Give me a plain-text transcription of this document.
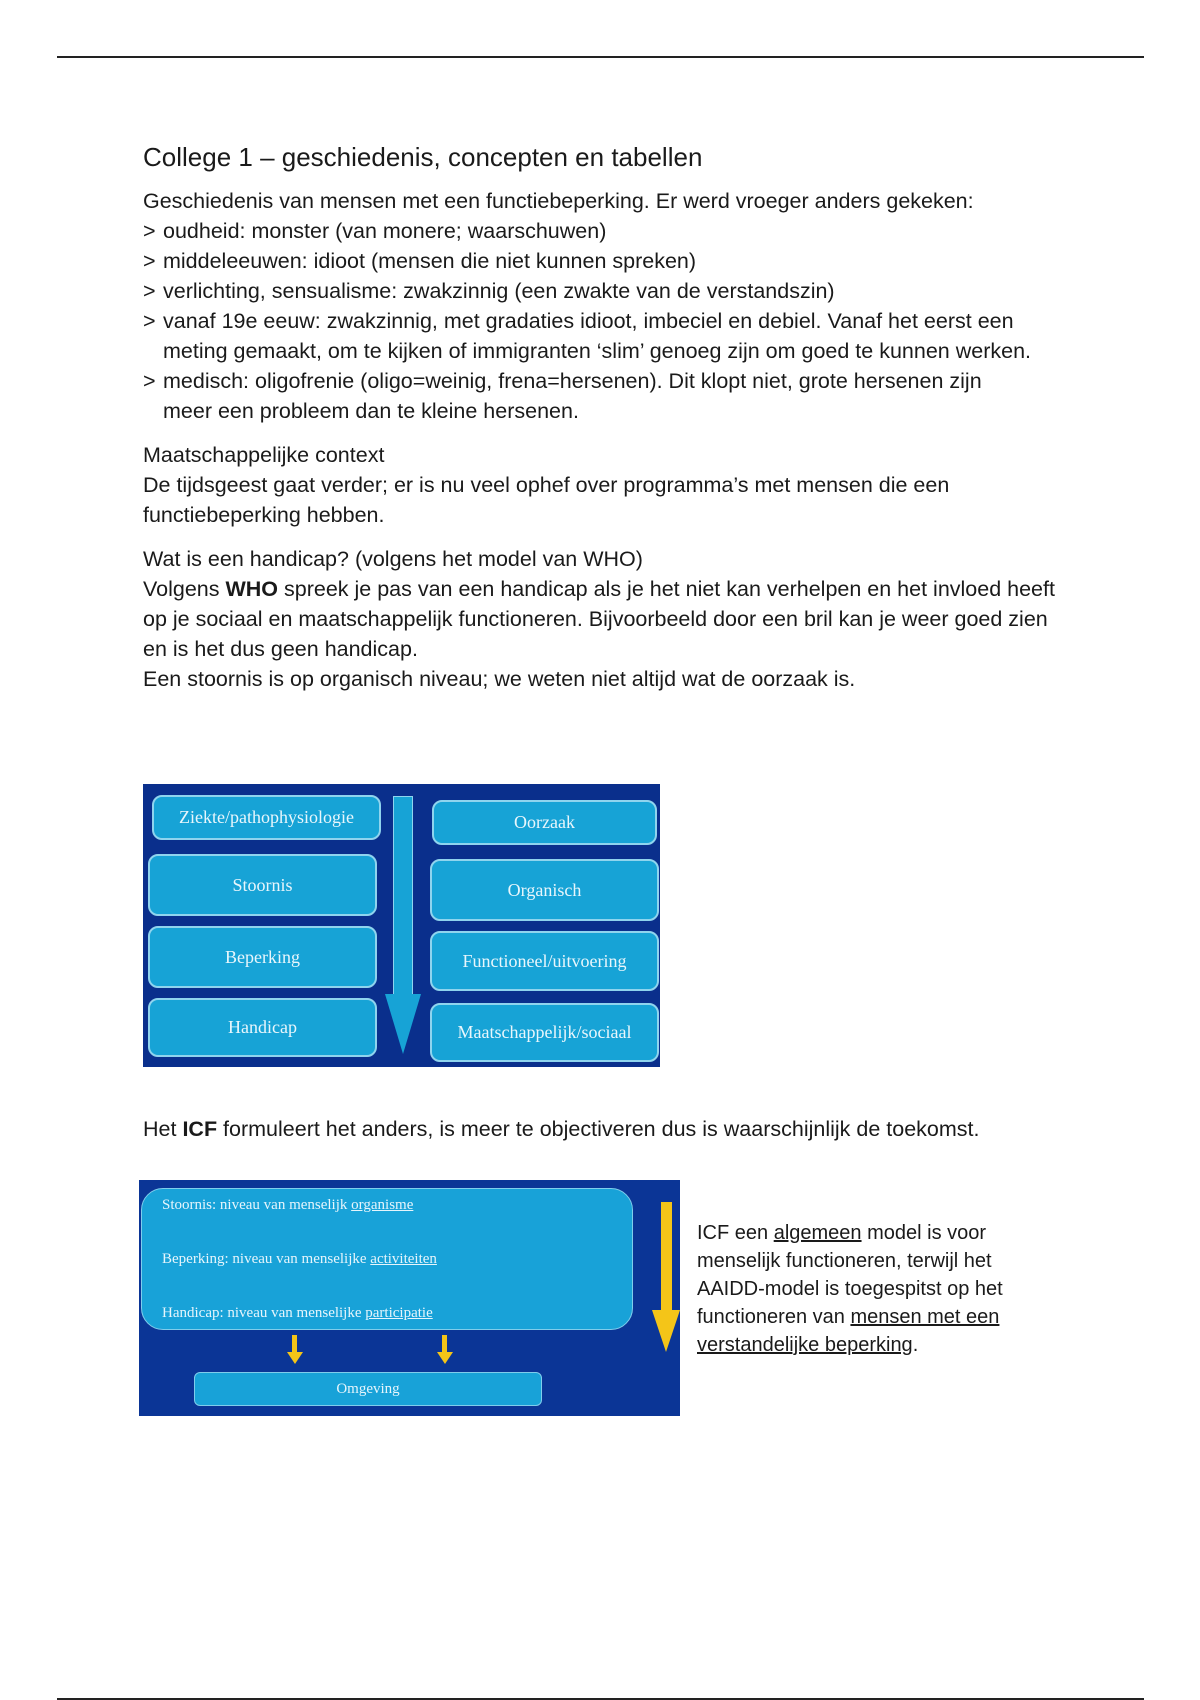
College 1 – geschiedenis, concepten en tabellen

Geschiedenis van mensen met een functiebeperking. Er werd vroeger anders gekeken:

> oudheid: monster (van monere; waarschuwen)
> middeleeuwen: idioot (mensen die niet kunnen spreken)
> verlichting, sensualisme: zwakzinnig (een zwakte van de verstandszin)
> vanaf 19e eeuw: zwakzinnig, met gradaties idioot, imbeciel en debiel. Vanaf het eerst een meting gemaakt, om te kijken of immigranten ‘slim’ genoeg zijn om goed te kunnen werken.
> medisch: oligofrenie (oligo=weinig, frena=hersenen). Dit klopt niet, grote hersenen zijn meer een probleem dan te kleine hersenen.

Maatschappelijke context

De tijdsgeest gaat verder; er is nu veel ophef over programma’s met mensen die een functiebeperking hebben.

Wat is een handicap? (volgens het model van WHO)

Volgens WHO spreek je pas van een handicap als je het niet kan verhelpen en het invloed heeft op je sociaal en maatschappelijk functioneren. Bijvoorbeeld door een bril kan je weer goed zien en is het dus geen handicap.

Een stoornis is op organisch niveau; we weten niet altijd wat de oorzaak is.

Ziekte/pathophysiologie
Stoornis
Beperking
Handicap
Oorzaak
Organisch
Functioneel/uitvoering
Maatschappelijk/sociaal

Het ICF formuleert het anders, is meer te objectiveren dus is waarschijnlijk de toekomst.

Stoornis: niveau van menselijk organisme
Beperking: niveau van menselijke activiteiten
Handicap: niveau van menselijke participatie
Omgeving
ICF een algemeen model is voor menselijk functioneren, terwijl het AAIDD-model is toegespitst op het functioneren van mensen met een verstandelijke beperking.
